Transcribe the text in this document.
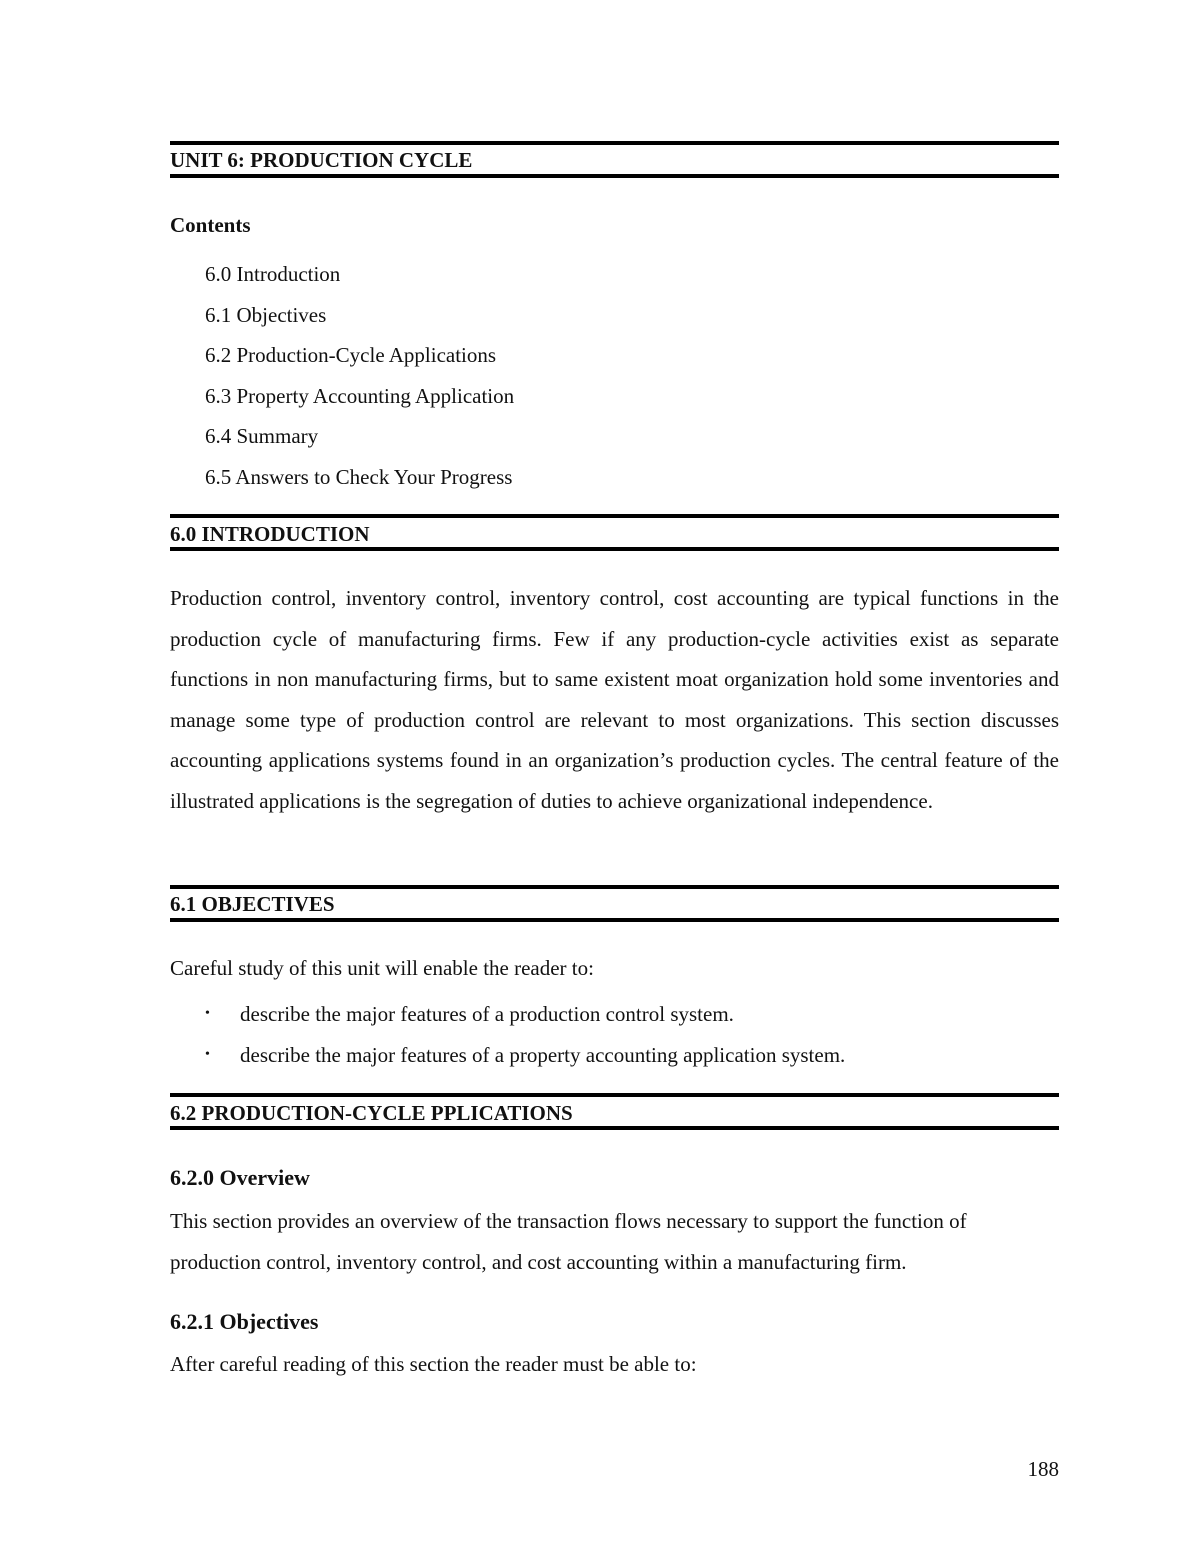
UNIT 6: PRODUCTION CYCLE
Contents
6.0 Introduction
6.1 Objectives
6.2 Production-Cycle Applications
6.3 Property Accounting Application
6.4 Summary
6.5 Answers to Check Your Progress
6.0 INTRODUCTION

Production control, inventory control, inventory control, cost accounting are typical functions in the production cycle of manufacturing firms. Few if any production-cycle activities exist as separate functions in non manufacturing firms, but to same existent moat organization hold some inventories and manage some type of production control are relevant to most organizations. This section discusses accounting applications systems found in an organization’s production cycles. The central feature of the illustrated applications is the segregation of duties to achieve organizational independence.

6.1 OBJECTIVES

Careful study of this unit will enable the reader to:

• describe the major features of a production control system.
• describe the major features of a property accounting application system.
6.2 PRODUCTION-CYCLE PPLICATIONS
6.2.0 Overview

This section provides an overview of the transaction flows necessary to support the function of production control, inventory control, and cost accounting within a manufacturing firm.

6.2.1 Objectives

After careful reading of this section the reader must be able to:

188
